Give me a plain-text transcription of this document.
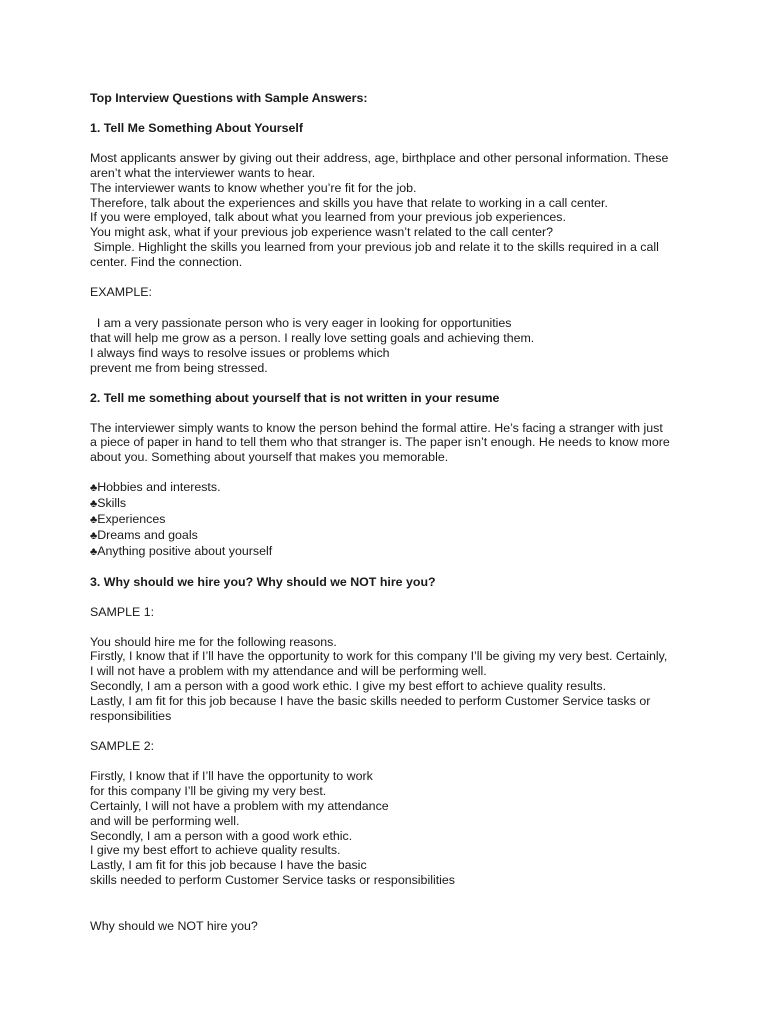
Top Interview Questions with Sample Answers:
1. Tell Me Something About Yourself
Most applicants answer by giving out their address, age, birthplace and other personal information. These
aren’t what the interviewer wants to hear.
The interviewer wants to know whether you’re fit for the job.
Therefore, talk about the experiences and skills you have that relate to working in a call center.
If you were employed, talk about what you learned from your previous job experiences.
You might ask, what if your previous job experience wasn’t related to the call center?
Simple. Highlight the skills you learned from your previous job and relate it to the skills required in a call
center. Find the connection.
EXAMPLE:
I am a very passionate person who is very eager in looking for opportunities
that will help me grow as a person. I really love setting goals and achieving them.
I always find ways to resolve issues or problems which
prevent me from being stressed.
2. Tell me something about yourself that is not written in your resume
The interviewer simply wants to know the person behind the formal attire. He’s facing a stranger with just
a piece of paper in hand to tell them who that stranger is. The paper isn’t enough. He needs to know more
about you. Something about yourself that makes you memorable.
♣Hobbies and interests.
♣Skills
♣Experiences
♣Dreams and goals
♣Anything positive about yourself
3. Why should we hire you? Why should we NOT hire you?
SAMPLE 1:
You should hire me for the following reasons.
Firstly, I know that if I’ll have the opportunity to work for this company I’ll be giving my very best. Certainly,
I will not have a problem with my attendance and will be performing well.
Secondly, I am a person with a good work ethic. I give my best effort to achieve quality results.
Lastly, I am fit for this job because I have the basic skills needed to perform Customer Service tasks or
responsibilities
SAMPLE 2:
Firstly, I know that if I’ll have the opportunity to work
for this company I’ll be giving my very best.
Certainly, I will not have a problem with my attendance
and will be performing well.
Secondly, I am a person with a good work ethic.
I give my best effort to achieve quality results.
Lastly, I am fit for this job because I have the basic
skills needed to perform Customer Service tasks or responsibilities
Why should we NOT hire you?
